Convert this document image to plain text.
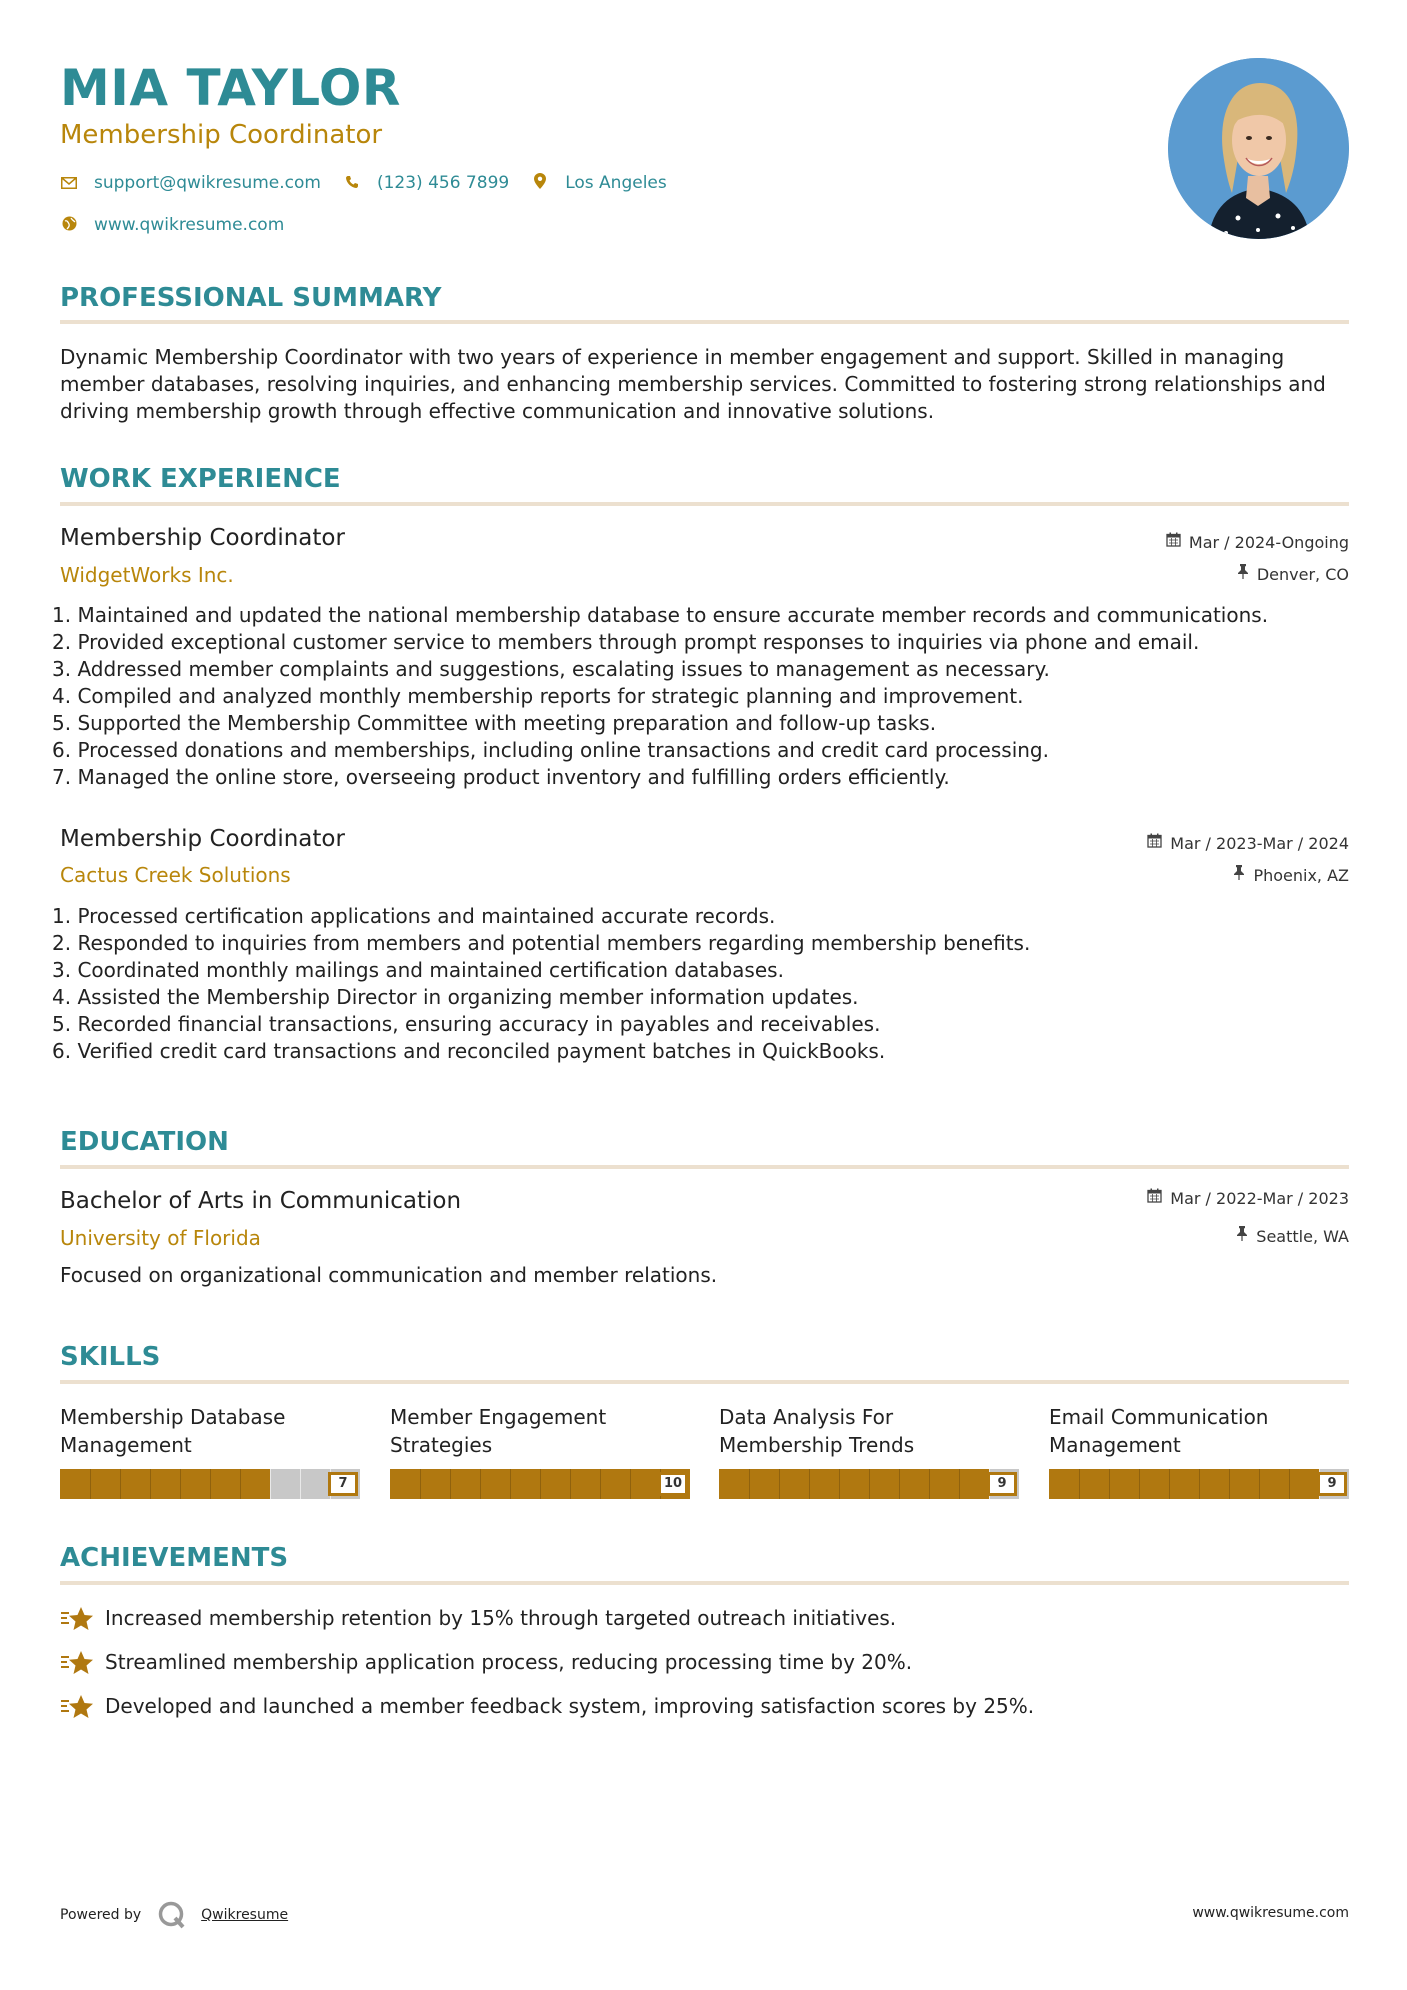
MIA TAYLOR
Membership Coordinator
support@qwikresume.com	(123) 456 7899	Los Angeles
www.qwikresume.com
PROFESSIONAL SUMMARY
Dynamic Membership Coordinator with two years of experience in member engagement and support. Skilled in managing member databases, resolving inquiries, and enhancing membership services. Committed to fostering strong relationships and driving membership growth through effective communication and innovative solutions.
WORK EXPERIENCE
Membership Coordinator
WidgetWorks Inc.
Mar / 2024-Ongoing
Denver, CO
1. Maintained and updated the national membership database to ensure accurate member records and communications.
2. Provided exceptional customer service to members through prompt responses to inquiries via phone and email.
3. Addressed member complaints and suggestions, escalating issues to management as necessary.
4. Compiled and analyzed monthly membership reports for strategic planning and improvement.
5. Supported the Membership Committee with meeting preparation and follow-up tasks.
6. Processed donations and memberships, including online transactions and credit card processing.
7. Managed the online store, overseeing product inventory and fulfilling orders efficiently.
Membership Coordinator
Cactus Creek Solutions
Mar / 2023-Mar / 2024
Phoenix, AZ
1. Processed certification applications and maintained accurate records.
2. Responded to inquiries from members and potential members regarding membership benefits.
3. Coordinated monthly mailings and maintained certification databases.
4. Assisted the Membership Director in organizing member information updates.
5. Recorded financial transactions, ensuring accuracy in payables and receivables.
6. Verified credit card transactions and reconciled payment batches in QuickBooks.
EDUCATION
Bachelor of Arts in Communication
University of Florida
Mar / 2022-Mar / 2023
Seattle, WA
Focused on organizational communication and member relations.
SKILLS
Membership Database Management
7
Member Engagement Strategies
10
Data Analysis For Membership Trends
9
Email Communication Management
9
ACHIEVEMENTS
Increased membership retention by 15% through targeted outreach initiatives.
Streamlined membership application process, reducing processing time by 20%.
Developed and launched a member feedback system, improving satisfaction scores by 25%.
Powered by	Qwikresume	www.qwikresume.com
